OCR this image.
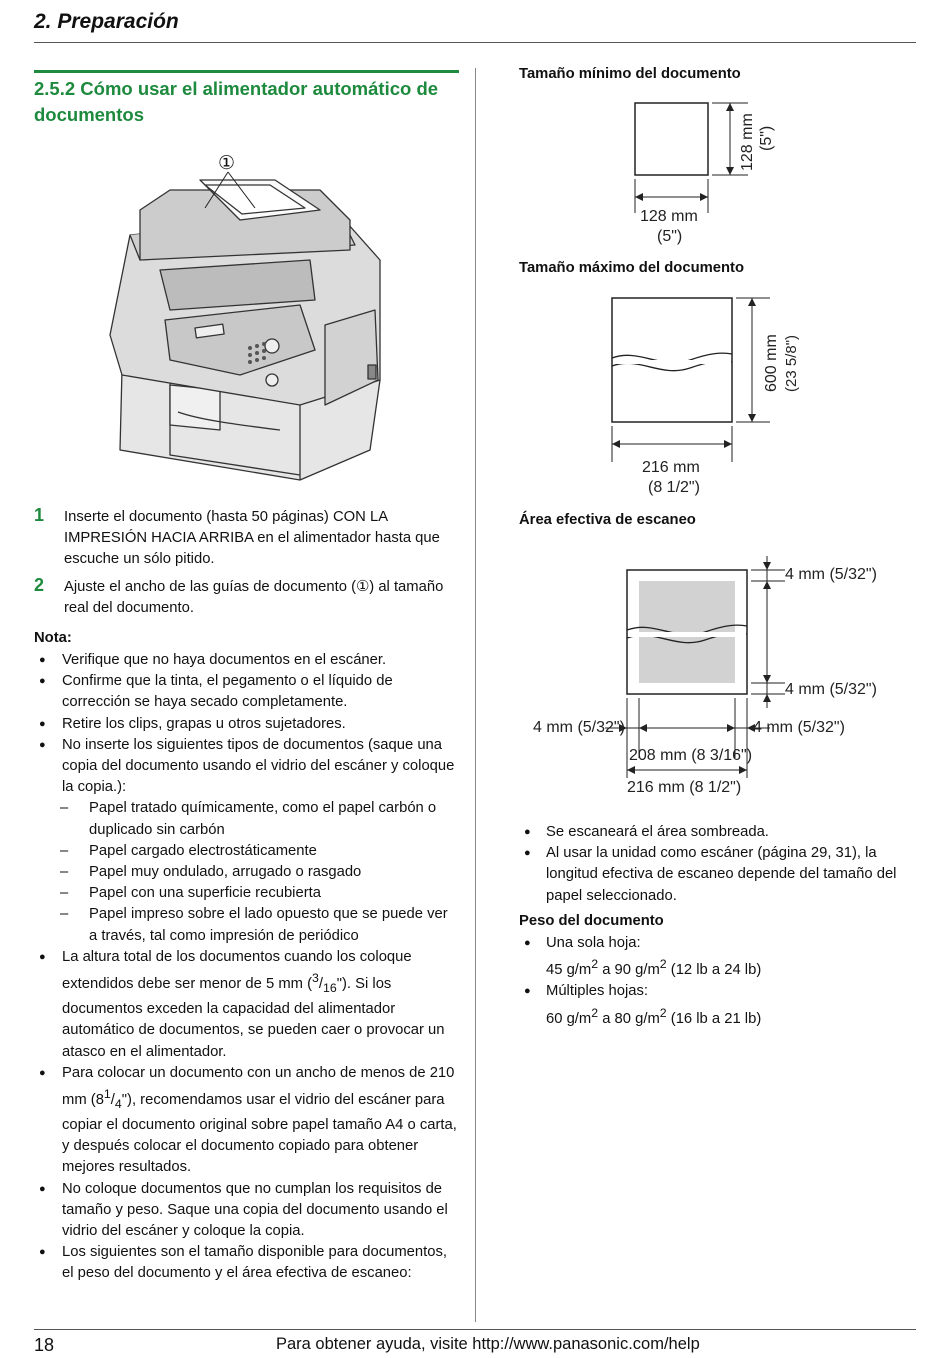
2. Preparación
2.5.2 Cómo usar el alimentador automático de documentos
①
1 Inserte el documento (hasta 50 páginas) CON LA IMPRESIÓN HACIA ARRIBA en el alimentador hasta que escuche un sólo pitido.
2 Ajuste el ancho de las guías de documento (①) al tamaño real del documento.
Nota:
● Verifique que no haya documentos en el escáner.
● Confirme que la tinta, el pegamento o el líquido de corrección se haya secado completamente.
● Retire los clips, grapas u otros sujetadores.
● No inserte los siguientes tipos de documentos (saque una copia del documento usando el vidrio del escáner y coloque la copia.):
– Papel tratado químicamente, como el papel carbón o duplicado sin carbón
– Papel cargado electrostáticamente
– Papel muy ondulado, arrugado o rasgado
– Papel con una superficie recubierta
– Papel impreso sobre el lado opuesto que se puede ver a través, tal como impresión de periódico
● La altura total de los documentos cuando los coloque extendidos debe ser menor de 5 mm $(^3/_{16}")$. Si los documentos exceden la capacidad del alimentador automático de documentos, se pueden caer o provocar un atasco en el alimentador.
● Para colocar un documento con un ancho de menos de 210 mm $(8^1/_4")$, recomendamos usar el vidrio del escáner para copiar el documento original sobre papel tamaño A4 o carta, y después colocar el documento copiado para obtener mejores resultados.
● No coloque documentos que no cumplan los requisitos de tamaño y peso. Saque una copia del documento usando el vidrio del escáner y coloque la copia.
● Los siguientes son el tamaño disponible para documentos, el peso del documento y el área efectiva de escaneo:
Tamaño mínimo del documento
128 mm (5")
128 mm
(5")
Tamaño máximo del documento
600 mm (23 5/8")
216 mm
(8 1/2")
Área efectiva de escaneo
4 mm (5/32")
4 mm (5/32")
4 mm (5/32")	4 mm (5/32")
208 mm (8 3/16")
216 mm (8 1/2")
● Se escaneará el área sombreada.
● Al usar la unidad como escáner (página 29, 31), la longitud efectiva de escaneo depende del tamaño del papel seleccionado.
Peso del documento
● Una sola hoja:
45 $g/m^2$ a 90 $g/m^2$ (12 lb a 24 lb)
● Múltiples hojas:
60 $g/m^2$ a 80 $g/m^2$ (16 lb a 21 lb)
18	Para obtener ayuda, visite http://www.panasonic.com/help
